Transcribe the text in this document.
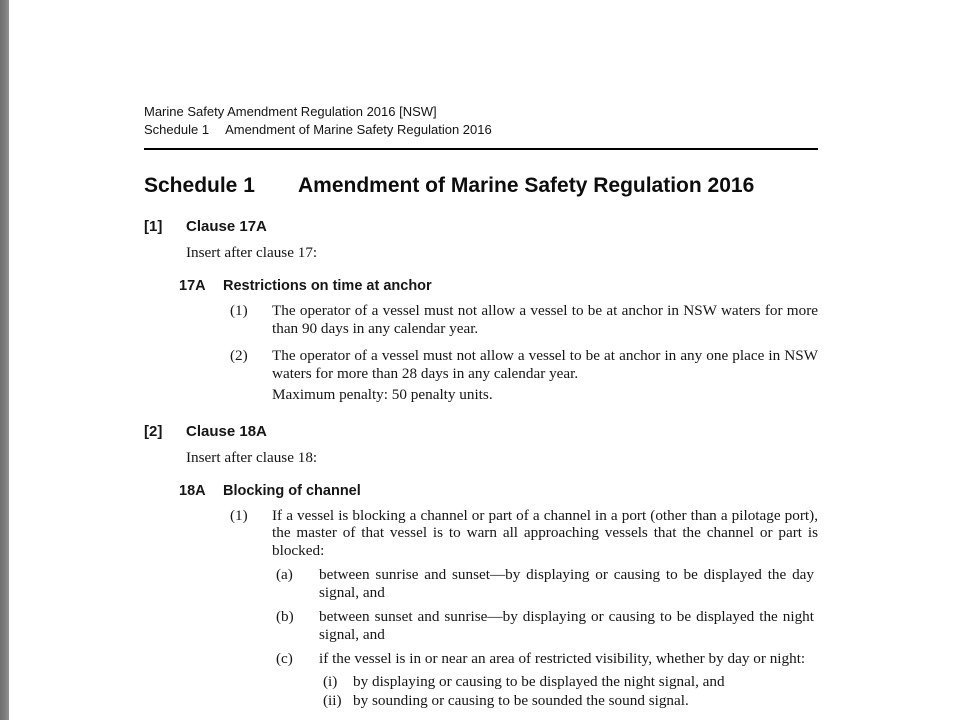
Marine Safety Amendment Regulation 2016 [NSW]
Schedule 1 Amendment of Marine Safety Regulation 2016
Schedule 1 Amendment of Marine Safety Regulation 2016
[1] Clause 17A

Insert after clause 17:

17A Restrictions on time at anchor
(1) The operator of a vessel must not allow a vessel to be at anchor in NSW waters for more than 90 days in any calendar year.
(2) The operator of a vessel must not allow a vessel to be at anchor in any one place in NSW waters for more than 28 days in any calendar year.

Maximum penalty: 50 penalty units.

[2] Clause 18A

Insert after clause 18:

18A Blocking of channel
(1) If a vessel is blocking a channel or part of a channel in a port (other than a pilotage port), the master of that vessel is to warn all approaching vessels that the channel or part is blocked:
(a) between sunrise and sunset—by displaying or causing to be displayed the day signal, and
(b) between sunset and sunrise—by displaying or causing to be displayed the night signal, and
(c) if the vessel is in or near an area of restricted visibility, whether by day or night:
(i) by displaying or causing to be displayed the night signal, and
(ii) by sounding or causing to be sounded the sound signal.
